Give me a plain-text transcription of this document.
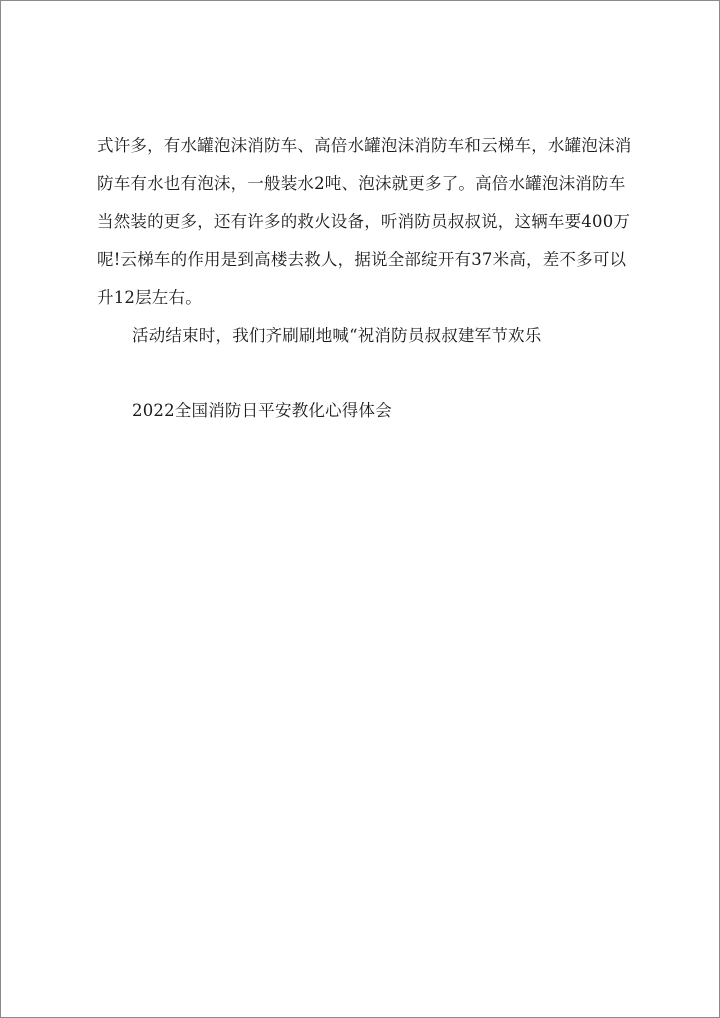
式许多，有水罐泡沫消防车、高倍水罐泡沫消防车和云梯车，水罐泡沫消
防车有水也有泡沫，一般装水2吨、泡沫就更多了。高倍水罐泡沫消防车
当然装的更多，还有许多的救火设备，听消防员叔叔说，这辆车要400万
呢!云梯车的作用是到高楼去救人，据说全部绽开有37米高，差不多可以
升12层左右。
活动结束时，我们齐刷刷地喊“祝消防员叔叔建军节欢乐
2022全国消防日平安教化心得体会
